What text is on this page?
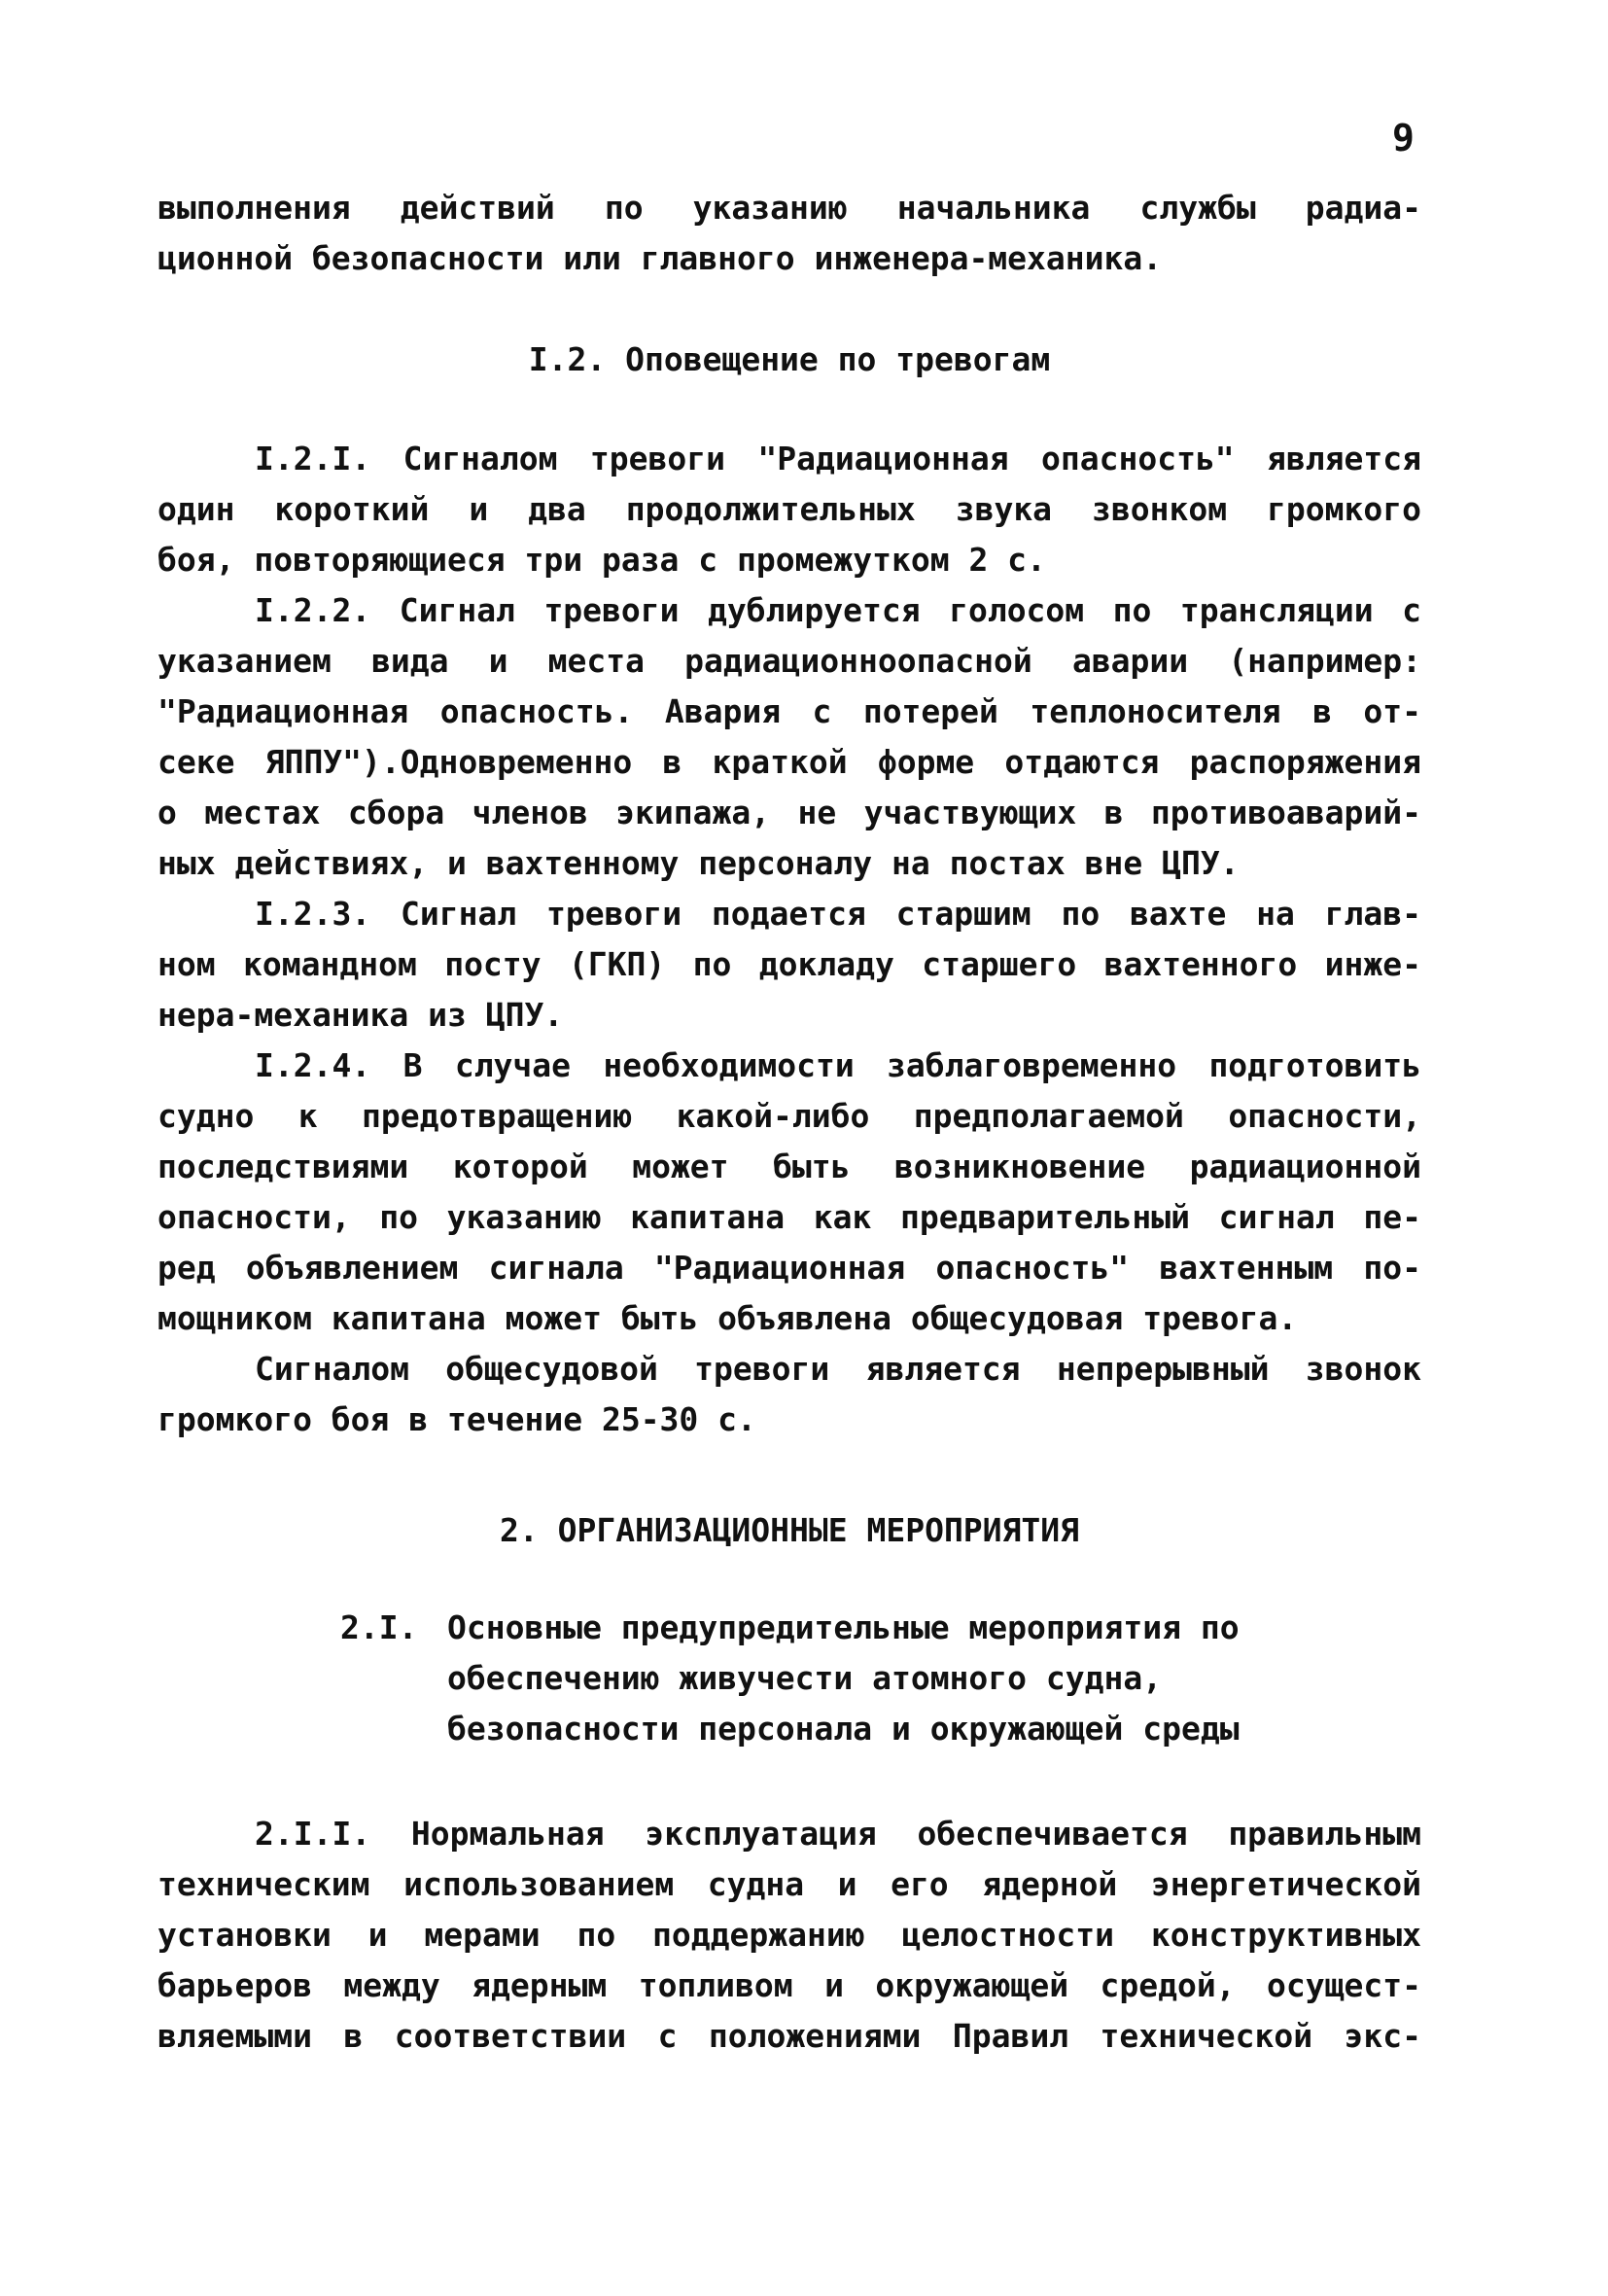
9
выполнения действий по указанию начальника службы радиа-
ционной безопасности или главного инженера-механика.
I.2. Оповещение по тревогам
I.2.I. Сигналом тревоги "Радиационная опасность" является
один короткий и два продолжительных звука звонком громкого
боя, повторяющиеся три раза с промежутком 2 с.
I.2.2. Сигнал тревоги дублируется голосом по трансляции с
указанием вида и места радиационноопасной аварии (например:
"Радиационная опасность. Авария с потерей теплоносителя в от-
секе ЯППУ").Одновременно в краткой форме отдаются распоряжения
о местах сбора членов экипажа, не участвующих в противоаварий-
ных действиях, и вахтенному персоналу на постах вне ЦПУ.
I.2.3. Сигнал тревоги подается старшим по вахте на глав-
ном командном посту (ГКП) по докладу старшего вахтенного инже-
нера-механика из ЦПУ.
I.2.4. В случае необходимости заблаговременно подготовить
судно к предотвращению какой-либо предполагаемой опасности,
последствиями которой может быть возникновение радиационной
опасности, по указанию капитана как предварительный сигнал пе-
ред объявлением сигнала "Радиационная опасность" вахтенным по-
мощником капитана может быть объявлена общесудовая тревога.
Сигналом общесудовой тревоги является непрерывный звонок
громкого боя в течение 25-30 с.
2. ОРГАНИЗАЦИОННЫЕ МЕРОПРИЯТИЯ
2.I. Основные предупредительные мероприятия по
обеспечению живучести атомного судна,
безопасности персонала и окружающей среды
2.I.I. Нормальная эксплуатация обеспечивается правильным
техническим использованием судна и его ядерной энергетической
установки и мерами по поддержанию целостности конструктивных
барьеров между ядерным топливом и окружающей средой, осущест-
вляемыми в соответствии с положениями Правил технической экс-
